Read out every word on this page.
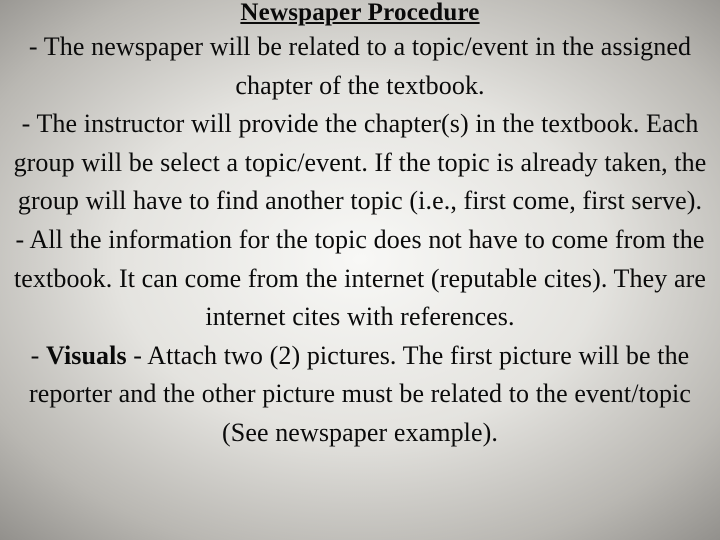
Newspaper Procedure
- The newspaper will be related to a topic/event in the assigned chapter of the textbook.
- The instructor will provide the chapter(s) in the textbook. Each group will be select a topic/event. If the topic is already taken, the group will have to find another topic (i.e., first come, first serve).
- All the information for the topic does not have to come from the textbook. It can come from the internet (reputable cites). They are internet cites with references.
- Visuals - Attach two (2) pictures. The first picture will be the reporter and the other picture must be related to the event/topic (See newspaper example).
